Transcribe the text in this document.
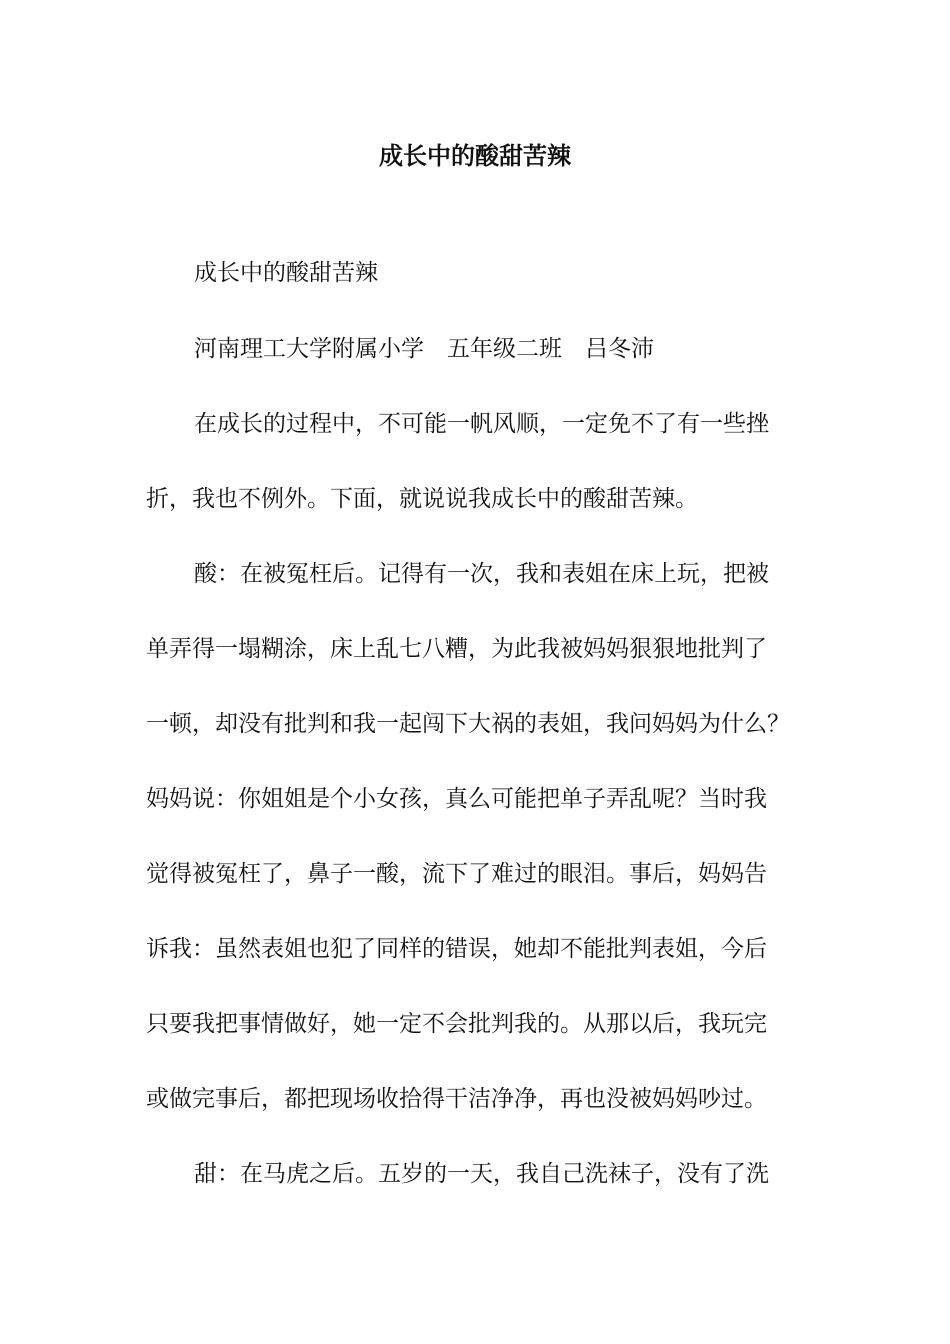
成长中的酸甜苦辣
成长中的酸甜苦辣
河南理工大学附属小学　五年级二班　吕冬沛
在成长的过程中，不可能一帆风顺，一定免不了有一些挫
折，我也不例外。下面，就说说我成长中的酸甜苦辣。
酸：在被冤枉后。记得有一次，我和表姐在床上玩，把被
单弄得一塌糊涂，床上乱七八糟，为此我被妈妈狠狠地批判了
一顿，却没有批判和我一起闯下大祸的表姐，我问妈妈为什么？
妈妈说：你姐姐是个小女孩，真么可能把单子弄乱呢？当时我
觉得被冤枉了，鼻子一酸，流下了难过的眼泪。事后，妈妈告
诉我：虽然表姐也犯了同样的错误，她却不能批判表姐，今后
只要我把事情做好，她一定不会批判我的。从那以后，我玩完
或做完事后，都把现场收拾得干洁净净，再也没被妈妈吵过。
甜：在马虎之后。五岁的一天，我自己洗袜子，没有了洗
